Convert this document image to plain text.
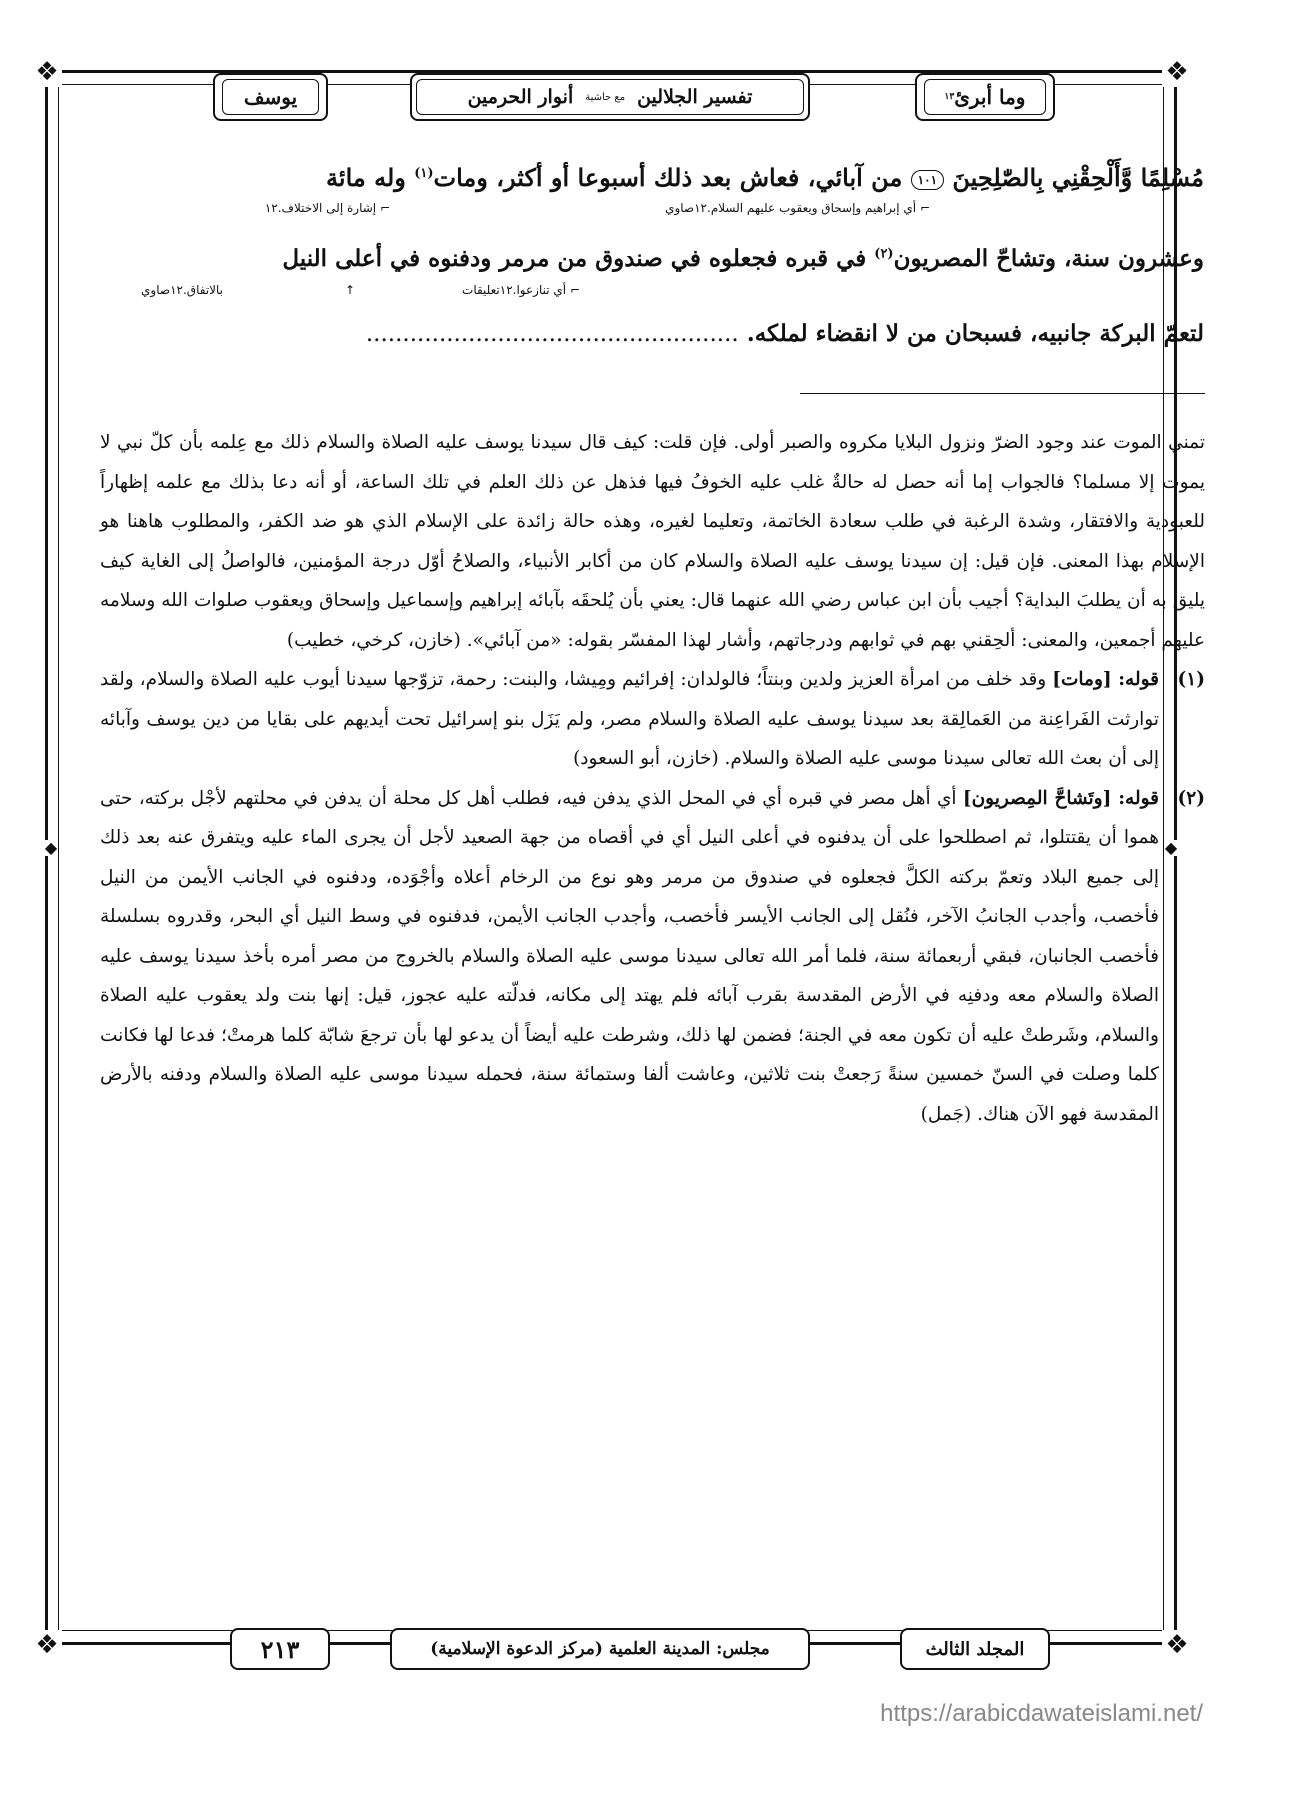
❖	❖
❖	❖
◆	◆
يوسف	تفسير الجلالين
مع حاشية
أنوار الحرمين	وما أبرئ
١٣
مُسْلِمًا وَّأَلْحِقْنِي بِالصّٰلِحِينَ ١٠١ من آبائي، فعاش بعد ذلك أسبوعا أو أكثر، ومات$^{(١)}$ وله مائة
⌐ أي إبراهيم وإسحاق ويعقوب عليهم السلام.١٢صاوي
⌐ إشارة إلى الاختلاف.١٢
وعشرون سنة، وتشاحّ المصريون$^{(٢)}$ في قبره فجعلوه في صندوق من مرمر ودفنوه في أعلى النيل
بالاتفاق.١٢صاوي	↑	⌐ أي تنازعوا.١٢تعليقات
لتعمّ البركة جانبيه، فسبحان من لا انقضاء لملكه. ...................................................

تمني الموت عند وجود الضرّ ونزول البلايا مكروه والصبر أولى. فإن قلت: كيف قال سيدنا يوسف عليه الصلاة والسلام ذلك مع عِلمه بأن كلّ نبي لا يموت إلا مسلما؟ فالجواب إما أنه حصل له حالةٌ غلب عليه الخوفُ فيها فذهل عن ذلك العلم في تلك الساعة، أو أنه دعا بذلك مع علمه إظهاراً للعبودية والافتقار، وشدة الرغبة في طلب سعادة الخاتمة، وتعليما لغيره، وهذه حالة زائدة على الإسلام الذي هو ضد الكفر، والمطلوب هاهنا هو الإسلام بهذا المعنى. فإن قيل: إن سيدنا يوسف عليه الصلاة والسلام كان من أكابر الأنبياء، والصلاحُ أوّل درجة المؤمنين، فالواصلُ إلى الغاية كيف يليق به أن يطلبَ البداية؟ أجيب بأن ابن عباس رضي الله عنهما قال: يعني بأن يُلحقَه بآبائه إبراهيم وإسماعيل وإسحاق ويعقوب صلوات الله وسلامه عليهم أجمعين، والمعنى: ألحِقني بهم في ثوابهم ودرجاتهم، وأشار لهذا المفسّر بقوله: «من آبائي». (خازن، كرخي، خطيب)

(١)
قوله: [ومات] وقد خلف من امرأة العزيز ولدين وبنتاً؛ فالولدان: إفرائيم ومِيشا، والبنت: رحمة، تزوّجها سيدنا أيوب عليه الصلاة والسلام، ولقد توارثت الفَراعِنة من العَمالِقة بعد سيدنا يوسف عليه الصلاة والسلام مصر، ولم يَزَل بنو إسرائيل تحت أيديهم على بقايا من دين يوسف وآبائه إلى أن بعث الله تعالى سيدنا موسى عليه الصلاة والسلام. (خازن، أبو السعود)
(٢)
قوله: [وتَشاحَّ المِصريون] أي أهل مصر في قبره أي في المحل الذي يدفن فيه، فطلب أهل كل محلة أن يدفن في محلتهم لأجْل بركته، حتى هموا أن يقتتلوا، ثم اصطلحوا على أن يدفنوه في أعلى النيل أي في أقصاه من جهة الصعيد لأجل أن يجرى الماء عليه ويتفرق عنه بعد ذلك إلى جميع البلاد وتعمّ بركته الكلَّ فجعلوه في صندوق من مرمر وهو نوع من الرخام أعلاه وأجْوَده، ودفنوه في الجانب الأيمن من النيل فأخصب، وأجدب الجانبُ الآخر، فنُقل إلى الجانب الأيسر فأخصب، وأجدب الجانب الأيمن، فدفنوه في وسط النيل أي البحر، وقدروه بسلسلة فأخصب الجانبان، فبقي أربعمائة سنة، فلما أمر الله تعالى سيدنا موسى عليه الصلاة والسلام بالخروج من مصر أمره بأخذ سيدنا يوسف عليه الصلاة والسلام معه ودفنِه في الأرض المقدسة بقرب آبائه فلم يهتد إلى مكانه، فدلّته عليه عجوز، قيل: إنها بنت ولد يعقوب عليه الصلاة والسلام، وشَرطتْ عليه أن تكون معه في الجنة؛ فضمن لها ذلك، وشرطت عليه أيضاً أن يدعو لها بأن ترجعَ شابّة كلما هرمتْ؛ فدعا لها فكانت كلما وصلت في السنّ خمسين سنةً رَجعتْ بنت ثلاثين، وعاشت ألفا وستمائة سنة، فحمله سيدنا موسى عليه الصلاة والسلام ودفنه بالأرض المقدسة فهو الآن هناك. (جَمل)
٢١٣	مجلس: المدينة العلمية (مركز الدعوة الإسلامية)	المجلد الثالث
https://arabicdawateislami.net/
